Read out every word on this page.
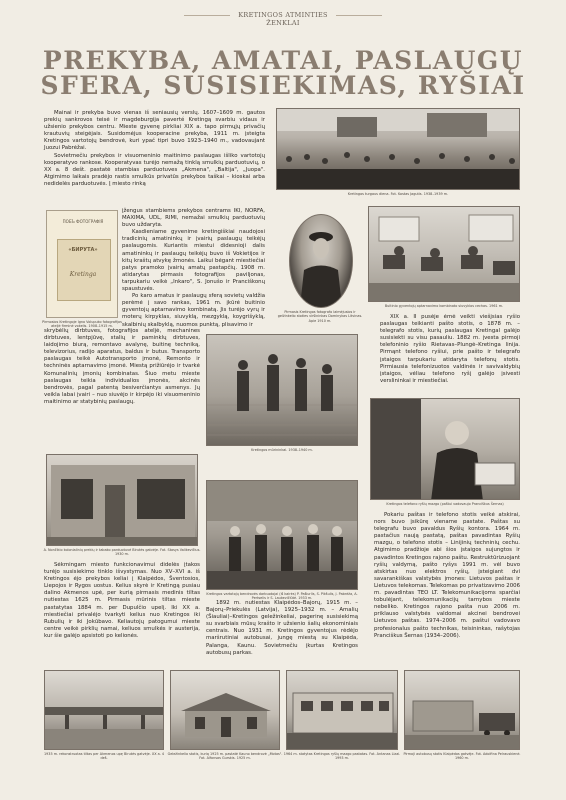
KRETINGOS ATMINTIES ŽENKLAI
PREKYBA, AMATAI, PASLAUGŲ
SFERA, SUSISIEKIMAS, RYŠIAI

Mainai ir prekyba buvo vienas iš seniausių verslų. 1607–1609 m. gautos prekių sankrovos teisė ir magdeburgija paverté Kretingą svarbiu vidaus ir užsienio prekybos centru. Mieste gyvenę pirkliai XIX a. tapo pirmųjų privačių krautuvių steigėjais. Susidomėjus kooperacine prekyba, 1911 m. įsteigta Kretingos vartotojų bendrovė, kuri ypač tipri buvo 1923–1940 m., vadovaujant Juozui Pabrėžai.

Sovietmečiu prekybos ir visuomeninio maitinimo paslaugas išliko vartotojų kooperatyvo rankose. Kooperatyvas turėjo nemažą tinklą smulkių parduotuvių, o XX a. 8 dešt. pastatė stambias parduotuves „Akmena", „Baltija", „Juopa". Atgimimo laikais pradėjo rastis smulkūs privatūs prekybos taškai – kioskai arba nedidelės parduotuvės. Į miesto rinką

Kretingos turgaus diena. Fot. Kostas Jagutis. 1938–1939 m.
ПОБЪ ФОТОГРАФІЯ
«БИРУТА»
Kretinga
Pirmosios Kretingoje Igno Volupuko fotografijos ateljė firminė vokelis. 1908–1915 m.

įžengus stambiems prekybos centrams IKI, NORFA, MAXIMA, UDL, RIMI, nemažai smulkių parduotuvių buvo uždaryta.

Kasdieniame gyvenime kretingiškiai naudojosi tradicinių amatininkų ir įvairių paslaugų teikėjų paslaugomis. Kuriantis miestui didesnioji dalis amatininkų ir paslaugų teikėjų buvo iš Vokietijos ir kitų kraštų atvykę žmonės. Laikui bėgant miestiečiai patys pramoko įvairių amatų pastapčių. 1908 m. atidarytas pirmasis fotografijos paviljonas, tarpukariu veikė „Inkaro", S. Jonušo ir Pranciškonų spaustuvės.

Po karo amatus ir paslaugų sferą sovietų valdžia perėmė į savo rankas, 1961 m. įkūrė buitinio gyventojų aptarnavimo kombinatą. Jis turėjo vyrų ir moterų kirpyklas, siuvyklą, mezgyklą, koygrišyklą, skalbinių skalbyklą, nuomos punktą, plisavimo ir

Pirmasis Kretingos fotografo laimėjusios ir gelžinkelio stoties viršininkas Dominykas Litvinas. Apie 1910 m.
Buitinio gyventojų aptarnavimo kombinato siuvyklos cechas. 1961 m.

XIX a. II pusėje ėmė veikti viešjsias ryšio paslaugas teikianti pašto stotis, o 1878 m. – telegrafo stotis, kurių paslaugas Kretingal galėjo susisiekti su visu pasauliu. 1882 m. įvesta pirmoji telefoninio ryšio Rietavas–Plungė–Kretinga linija. Pirmąnt telefono ryšiui, prie pašto ir telegrafo įstaigos tarpukariu atidaryta telefonų stotis. Pirmiausia telefonizuotos valdinės ir savivaldybių įstaigos, vėliau telefono ryšį galėjo įsivesti verslininkai ir miestiečiai.

skrybėlių dirbtuves, fotografijos ateljė, mechanines dirbtuves, lentpjūvę, stalių ir paminklų dirbtuves, laidojimo biurą, remontavo avalynę, buitinę techniką, televizorius, radijo aparatus, baldus ir butus. Transporto paslaugas teikė Autotransporto įmonė, Remonto ir techninės aptarnavimo įmonė. Miestą prižiūrėjo ir tvarkė Komunalinių įmonių kombinatas. Šiuo metu mieste paslaugas teikia individualios įmonės, akcinės bendrovės, pagal patentą besiverčiantys asmenys. Jų veikla labai įvairi – nuo siuvėjo ir kirpėjo iki visuomeninio maitinimo ar statybinių paslaugų.

Kretingos mūrininkai. 1938–1940 m.
Kretingos telefono ryšių mazgo (paštui vadovaujo Pranciškus Šernas)
A. Nončikio kolonialinių prekių ir tabako parduotuvė Birutės gatvėje. Fot. Stasys Valikevičius. 1930 m.
Kretingos vartotojų bendrovės darbuotojai (iš kairės) P. Pašiurlis, S. Pikšulis, J. Pabrėža, A. Pertselis ir S. Laukevičiūtė. 1933 m.

Pokariu paštas ir telefono stotis veikė atskirai, nors buvo įsikūrę viename pastate. Paštas su telegrafu buvo pavaldus Ryšių kontora. 1964 m. pastačius naują pastatą, paštas pavadintas Ryšių mazgu, o telefono stotis – Linijinių techninių cechu. Atgimimo pradžioje abi šios įstaigos sujungtos ir pavadintos Kretingos rajono paštu. Restruktūrizuojant ryšių valdymą, pašto ryšys 1991 m. vėl buvo atskirtas nuo elektros ryšių, įsteigiant dvi savarankiškas valstybės įmones: Lietuvos paštas ir Lietuvos telekomas. Telekomas po privatizavimo 2006 m. pavadintas TEO LT. Telekomunikacijoms sparčiai tobulėjant, telekomunikacijų tarnybos mieste nebeliko. Kretingos rajono pašta nuo 2006 m. priklauso valstybės valdomai akcinei bendrovei Lietuvos paštas. 1974–2006 m. paštui vadovavo profesionalus pašto technikas, teisininkas, rašytojas Pranciškus Šernas (1934–2006).

Sėkmingam miesto funkcionavimui didelės įtakos turėjo susisiekimo tinklo išvystymas. Nuo XV–XVI a. iš Kretingos ėjo prekybos keliai į Klaipėdos, Šventosios, Liepojos ir Rygos uostus. Kelius skyrė ir Kretingą pusiau dalino Akmenos upė, per kurią pirmasis medinis tiltas nutiestas 1625 m. Pirmasis mūrinis tiltas mieste pastatytas 1884 m. per Dupulčio upelį. Iki XX a. miestiečiai privalėjo tvarkyti kelius nuo Kretingos iki Rubulių ir iki Jokūbavo. Keliautojų patogumui mieste centre veikė pirklių namai, keliuos smulkės ir austerija, kur šie galėjo apsistoti po kelionės.

1892 m. nutiestas Klaipėdos–Bajorų, 1915 m. – Bajorų–Priekulės (Latvija), 1925–1932 m. – Amalių (Šiauliai)–Kretingos geležinkeliai, pagerinę susisiekimą su svarbiais mūsų krašto ir užsienio šalių ekonominiais centrais. Nuo 1931 m. Kretingos gyventojus rėdėjo maršrutiniai autobusai, jungę miestą su Klaipėda, Palanga, Kaunu. Sovietmečiu įkurtas Kretingos autobusų parkas.

1935 m. rekonstruotas tiltas per Akmenos upę Birutės gatvėje. XX a. 4 deš.
Geležinkelio stotis, kurią 1925 m. pastatė Kauno bendrovė „Motas". Fot. Alfonsas Gurskis. 1925 m.
1964 m. statytas Kretingos ryšių mazgo pastatas. Fot. Antanas Lizai. 1993 m.
Pirmoji autobusų stotis Klaipėdos gatvėje. Fot. Adolfina Pelrauskienė. 1960 m.
